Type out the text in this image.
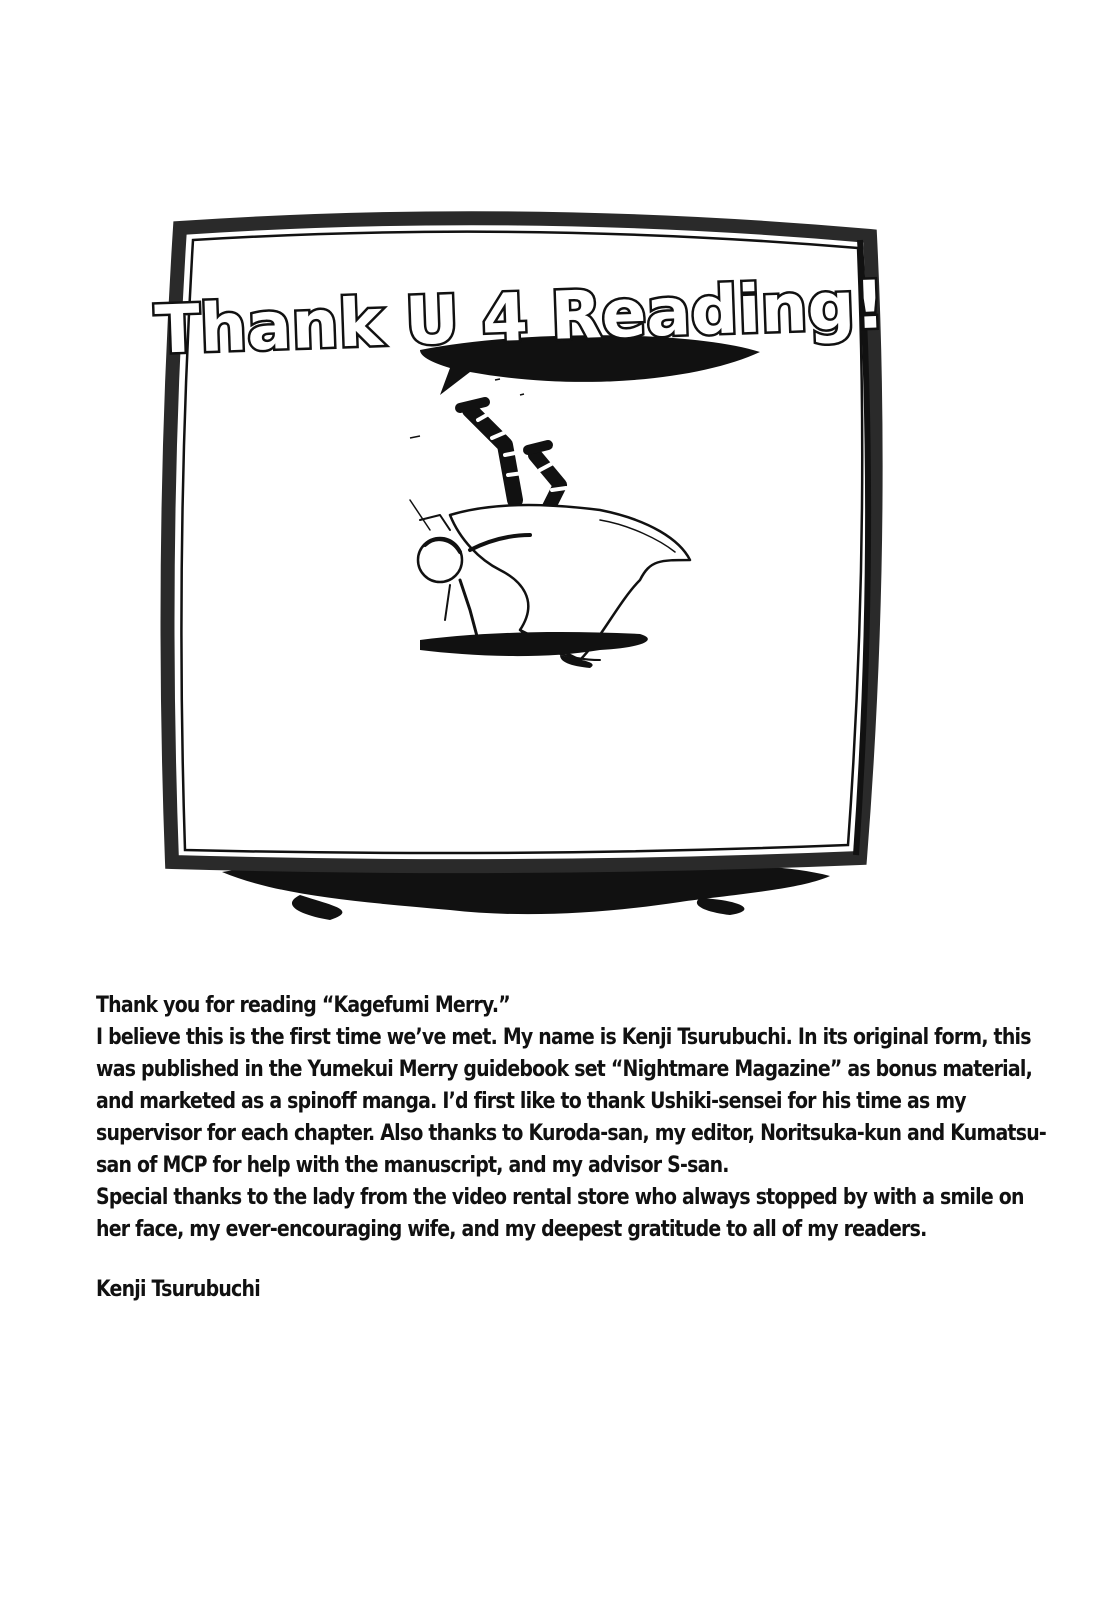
Thank U 4 Reading!

Thank you for reading “Kagefumi Merry.”

I believe this is the first time we’ve met. My name is Kenji Tsurubuchi. In its original form, this was published in the Yumekui Merry guidebook set “Nightmare Magazine” as bonus material, and marketed as a spinoff manga. I’d first like to thank Ushiki-sensei for his time as my supervisor for each chapter. Also thanks to Kuroda-san, my editor, Noritsuka-kun and Kumatsu-san of MCP for help with the manuscript, and my advisor S-san.

Special thanks to the lady from the video rental store who always stopped by with a smile on her face, my ever-encouraging wife, and my deepest gratitude to all of my readers.

Kenji Tsurubuchi
